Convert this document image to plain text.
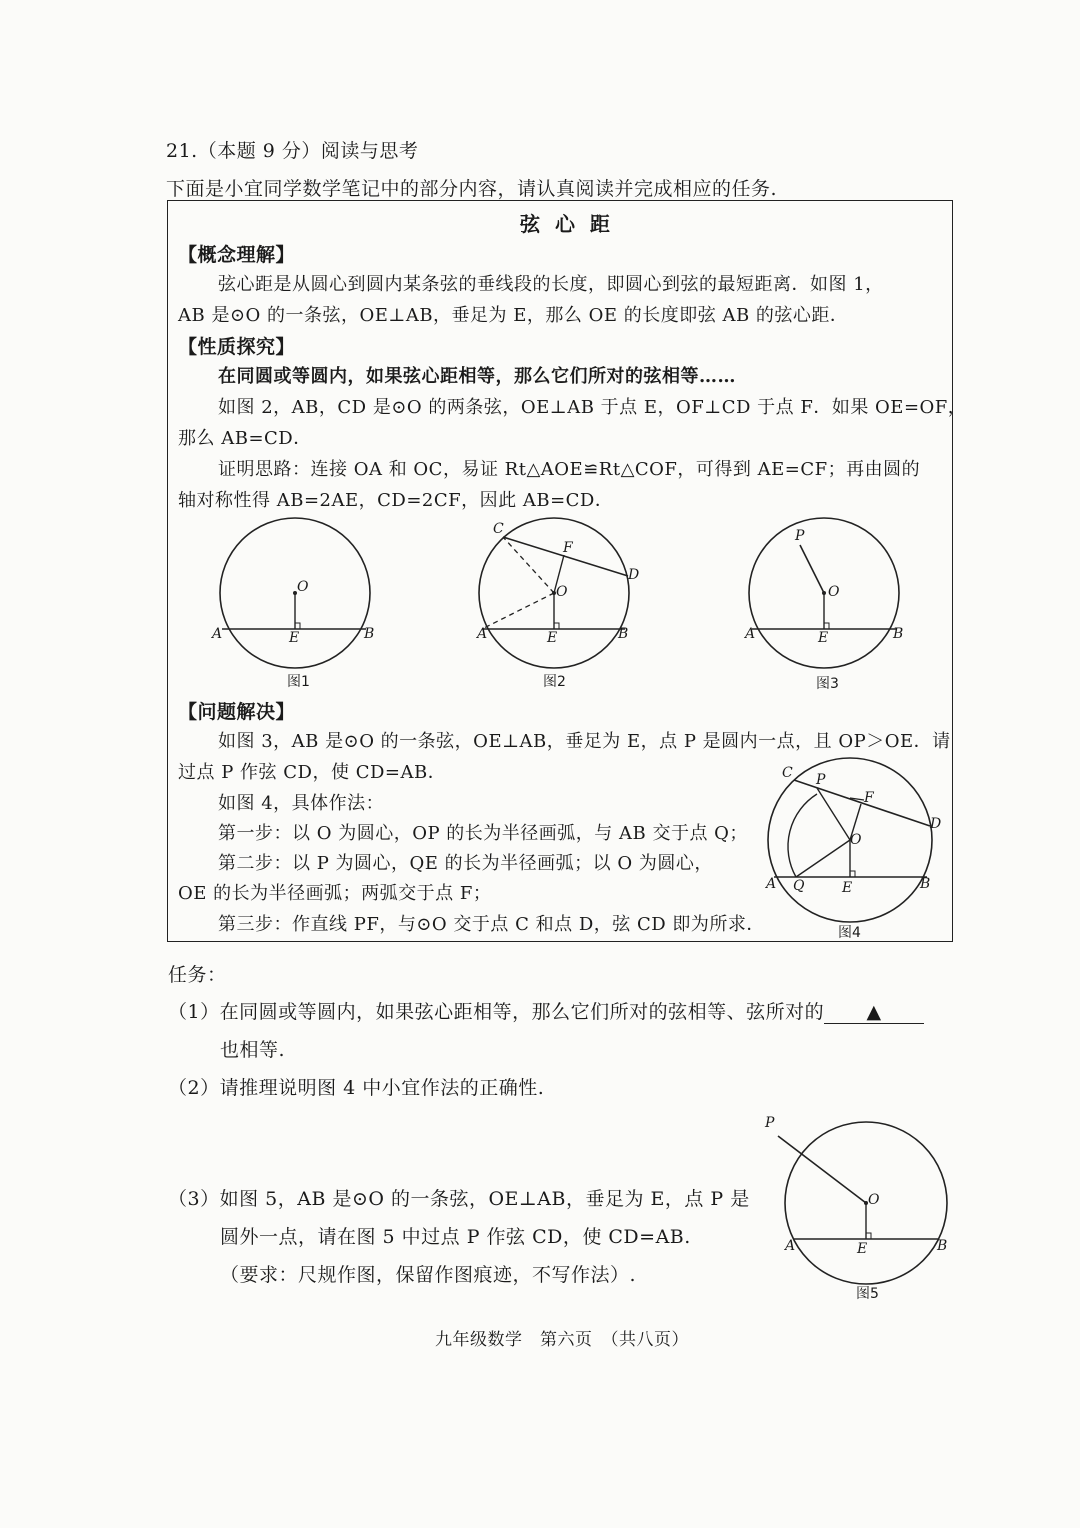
21.（本题 9 分）阅读与思考
下面是小宜同学数学笔记中的部分内容，请认真阅读并完成相应的任务.
弦 心 距
【概念理解】
弦心距是从圆心到圆内某条弦的垂线段的长度，即圆心到弦的最短距离．如图 1，
AB 是⊙O 的一条弦，OE⊥AB，垂足为 E，那么 OE 的长度即弦 AB 的弦心距．
【性质探究】
在同圆或等圆内，如果弦心距相等，那么它们所对的弦相等……
如图 2，AB，CD 是⊙O 的两条弦，OE⊥AB 于点 E，OF⊥CD 于点 F．如果 OE=OF，
那么 AB=CD．
证明思路：连接 OA 和 OC，易证 Rt△AOE≌Rt△COF，可得到 AE=CF；再由圆的
轴对称性得 AB=2AE，CD=2CF，因此 AB=CD．
O
A	B
E
图1
C
F
D
O
A	B
E
图2
P
O
A	B
E
图3
【问题解决】
如图 3，AB 是⊙O 的一条弦，OE⊥AB，垂足为 E，点 P 是圆内一点，且 OP＞OE．请
过点 P 作弦 CD，使 CD=AB．
如图 4，具体作法：
第一步：以 O 为圆心，OP 的长为半径画弧，与 AB 交于点 Q；
第二步：以 P 为圆心，QE 的长为半径画弧；以 O 为圆心，
OE 的长为半径画弧；两弧交于点 F；
第三步：作直线 PF，与⊙O 交于点 C 和点 D，弦 CD 即为所求．
C P
F
D
O
A Q	E	B
图4
任务：
（1）在同圆或等圆内，如果弦心距相等，那么它们所对的弦相等、弦所对的 ▲
也相等.
（2）请推理说明图 4 中小宜作法的正确性.
（3）如图 5，AB 是⊙O 的一条弦，OE⊥AB，垂足为 E，点 P 是
圆外一点，请在图 5 中过点 P 作弦 CD，使 CD=AB.
（要求：尺规作图，保留作图痕迹，不写作法）.
P
O
A	E	B
图5
九年级数学　第六页　（共八页）
